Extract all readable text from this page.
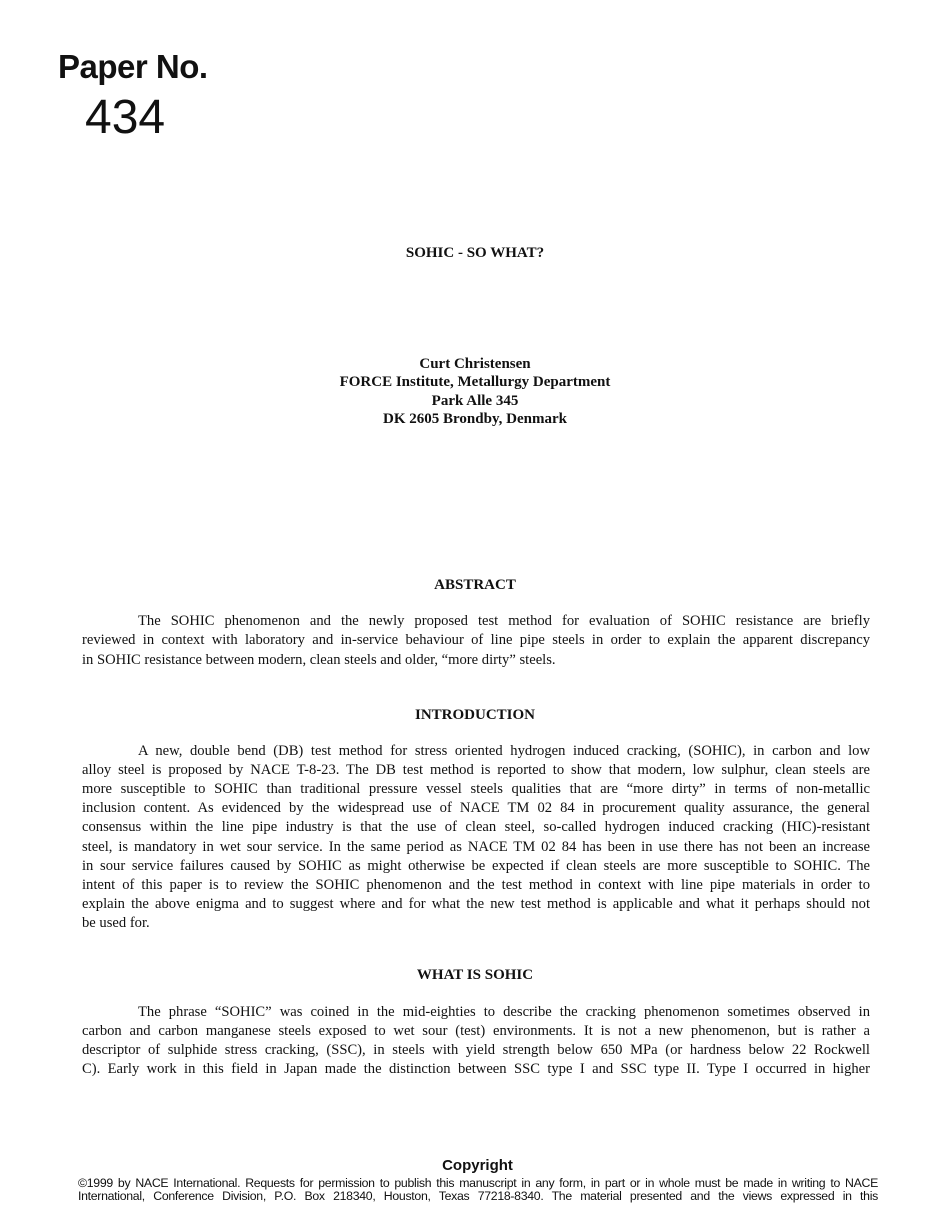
Paper No.
434
SOHIC - SO WHAT?
Curt Christensen
FORCE Institute, Metallurgy Department
Park Alle 345
DK 2605 Brondby, Denmark
ABSTRACT
The SOHIC phenomenon and the newly proposed test method for evaluation of SOHIC resistance are briefly
reviewed in context with laboratory and in-service behaviour of line pipe steels in order to explain the apparent discrepancy
in SOHIC resistance between modern, clean steels and older, “more dirty” steels.
INTRODUCTION
A new, double bend (DB) test method for stress oriented hydrogen induced cracking, (SOHIC), in carbon and low
alloy steel is proposed by NACE T-8-23. The DB test method is reported to show that modern, low sulphur, clean steels are
more susceptible to SOHIC than traditional pressure vessel steels qualities that are “more dirty” in terms of non-metallic
inclusion content. As evidenced by the widespread use of NACE TM 02 84 in procurement quality assurance, the general
consensus within the line pipe industry is that the use of clean steel, so-called hydrogen induced cracking (HIC)-resistant
steel, is mandatory in wet sour service. In the same period as NACE TM 02 84 has been in use there has not been an increase
in sour service failures caused by SOHIC as might otherwise be expected if clean steels are more susceptible to SOHIC. The
intent of this paper is to review the SOHIC phenomenon and the test method in context with line pipe materials in order to
explain the above enigma and to suggest where and for what the new test method is applicable and what it perhaps should not
be used for.
WHAT IS SOHIC
The phrase “SOHIC” was coined in the mid-eighties to describe the cracking phenomenon sometimes observed in
carbon and carbon manganese steels exposed to wet sour (test) environments. It is not a new phenomenon, but is rather a
descriptor of sulphide stress cracking, (SSC), in steels with yield strength below 650 MPa (or hardness below 22 Rockwell
C). Early work in this field in Japan made the distinction between SSC type I and SSC type II. Type I occurred in higher
Copyright
©1999 by NACE International. Requests for permission to publish this manuscript in any form, in part or in whole must be made in writing to NACE
International, Conference Division, P.O. Box 218340, Houston, Texas 77218-8340. The material presented and the views expressed in this
